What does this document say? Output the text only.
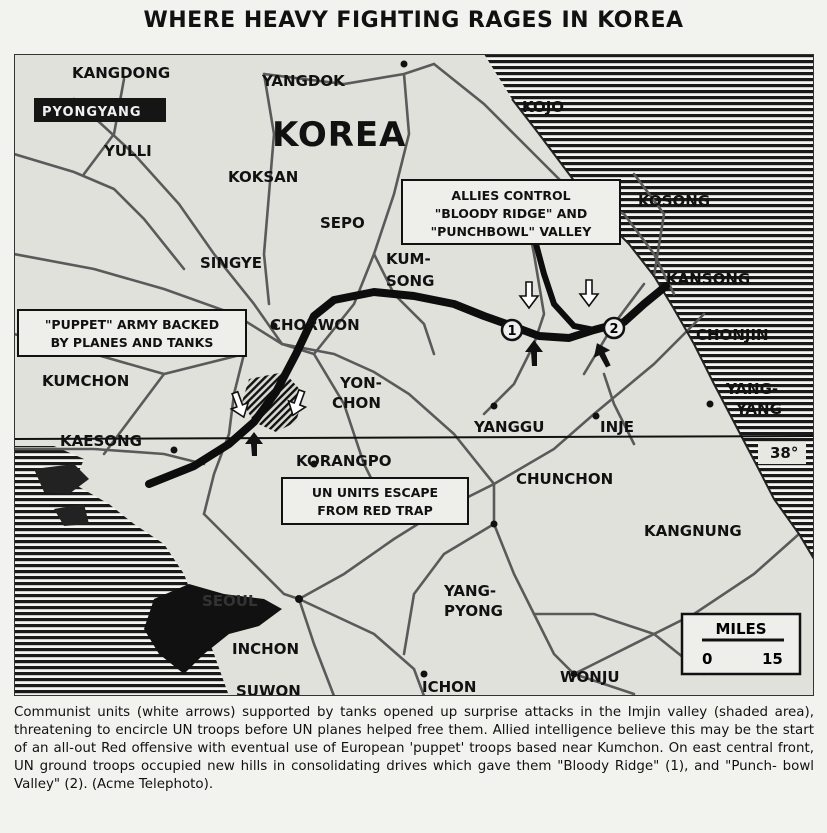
WHERE HEAVY FIGHTING RAGES IN KOREA
1	2
KANGDONG	YANGDOK
PYONGYANG	KOJO
KOREA
YULLI
KOKSAN
SEPO
KOSONG
SINGYE	KUM-
SONG	KANSONG
CHORWON
CHONJIN
KUMCHON	YON-
CHON
YANG-
YANG
YANGGU	INJE
KAESONG
38°
KORANGPO
CHUNCHON
KANGNUNG
YANG-
PYONG
SEOUL
INCHON
SUWON	ICHON
WONJU
ALLIES CONTROL
"BLOODY RIDGE" AND
"PUNCHBOWL" VALLEY
"PUPPET" ARMY BACKED
BY PLANES AND TANKS
UN UNITS ESCAPE
FROM RED TRAP
MILES
0	15
Communist units (white arrows) supported by tanks opened up surprise attacks in the Imjin valley (shaded area), threatening to encircle UN troops before UN planes helped free them. Allied intelligence believe this may be the start of an all-out Red offensive with eventual use of European 'puppet' troops based near Kumchon. On east central front, UN ground troops occupied new hills in consolidating drives which gave them "Bloody Ridge" (1), and "Punch- bowl Valley" (2). (Acme Telephoto).
